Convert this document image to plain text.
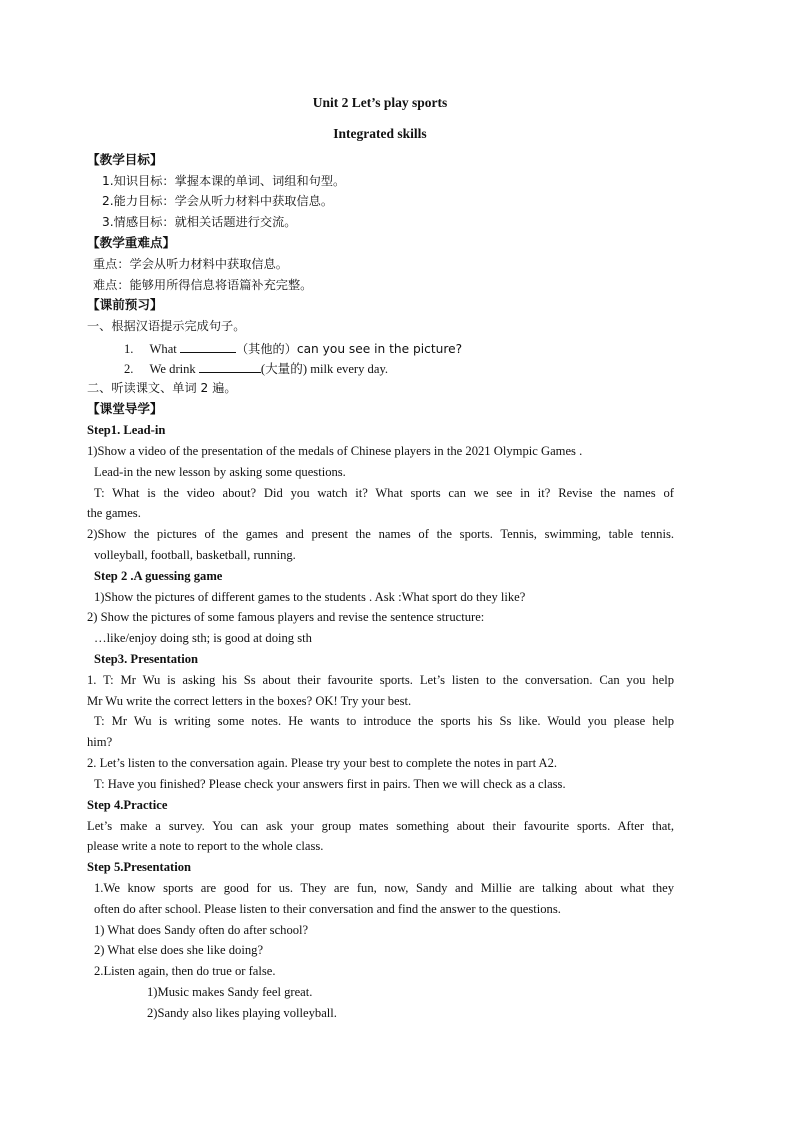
Unit 2 Let’s play sports
Integrated skills
【教学目标】
1.知识目标：掌握本课的单词、词组和句型。
2.能力目标：学会从听力材料中获取信息。
3.情感目标：就相关话题进行交流。
【教学重难点】
重点：学会从听力材料中获取信息。
难点：能够用所得信息将语篇补充完整。
【课前预习】
一、根据汉语提示完成句子。
1. What	（其他的）can you see in the picture?
2. We drink	(大量的) milk every day.
二、听读课文、单词 2 遍。
【课堂导学】
Step1. Lead-in
1)Show a video of the presentation of the medals of Chinese players in the 2021 Olympic Games .
Lead-in the new lesson by asking some questions.
T: What is the video about? Did you watch it? What sports can we see in it? Revise the names of
the games.
2)Show the pictures of the games and present the names of the sports. Tennis, swimming, table tennis.
volleyball, football, basketball, running.
Step 2 .A guessing game
1)Show the pictures of different games to the students . Ask :What sport do they like?
2) Show the pictures of some famous players and revise the sentence structure:
…like/enjoy doing sth; is good at doing sth
Step3. Presentation
1. T: Mr Wu is asking his Ss about their favourite sports. Let’s listen to the conversation. Can you help
Mr Wu write the correct letters in the boxes? OK! Try your best.
T: Mr Wu is writing some notes. He wants to introduce the sports his Ss like. Would you please help
him?
2. Let’s listen to the conversation again. Please try your best to complete the notes in part A2.
T: Have you finished? Please check your answers first in pairs. Then we will check as a class.
Step 4.Practice
Let’s make a survey. You can ask your group mates something about their favourite sports. After that,
please write a note to report to the whole class.
Step 5.Presentation
1.We know sports are good for us. They are fun, now, Sandy and Millie are talking about what they
often do after school. Please listen to their conversation and find the answer to the questions.
1) What does Sandy often do after school?
2) What else does she like doing?
2.Listen again, then do true or false.
1)Music makes Sandy feel great.
2)Sandy also likes playing volleyball.
